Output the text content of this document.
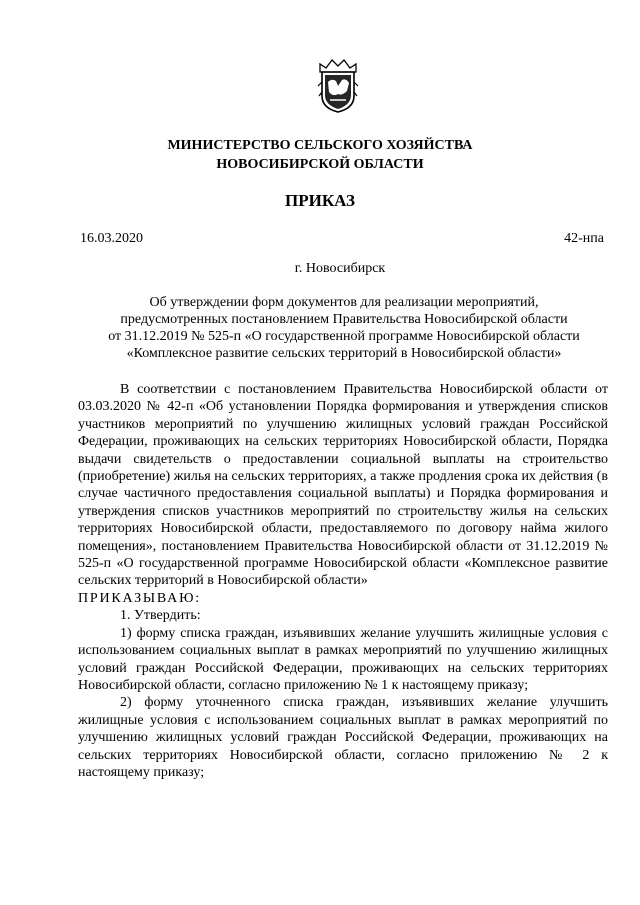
МИНИСТЕРСТВО СЕЛЬСКОГО ХОЗЯЙСТВА
НОВОСИБИРСКОЙ ОБЛАСТИ
ПРИКАЗ
16.03.2020	42-нпа
г. Новосибирск
Об утверждении форм документов для реализации мероприятий,
предусмотренных постановлением Правительства Новосибирской области
от 31.12.2019 № 525-п «О государственной программе Новосибирской области
«Комплексное развитие сельских территорий в Новосибирской области»

В соответствии с постановлением Правительства Новосибирской области от 03.03.2020 № 42-п «Об установлении Порядка формирования и утверждения списков участников мероприятий по улучшению жилищных условий граждан Российской Федерации, проживающих на сельских территориях Новосибирской области, Порядка выдачи свидетельств о предоставлении социальной выплаты на строительство (приобретение) жилья на сельских территориях, а также продления срока их действия (в случае частичного предоставления социальной выплаты) и Порядка формирования и утверждения списков участников мероприятий по строительству жилья на сельских территориях Новосибирской области, предоставляемого по договору найма жилого помещения», постановлением Правительства Новосибирской области от 31.12.2019 № 525-п «О государственной программе Новосибирской области «Комплексное развитие сельских территорий в Новосибирской области»

ПРИКАЗЫВАЮ:

1. Утвердить:

1) форму списка граждан, изъявивших желание улучшить жилищные условия с использованием социальных выплат в рамках мероприятий по улучшению жилищных условий граждан Российской Федерации, проживающих на сельских территориях Новосибирской области, согласно приложению № 1 к настоящему приказу;

2) форму уточненного списка граждан, изъявивших желание улучшить жилищные условия с использованием социальных выплат в рамках мероприятий по улучшению жилищных условий граждан Российской Федерации, проживающих на сельских территориях Новосибирской области, согласно приложению № 2 к настоящему приказу;
